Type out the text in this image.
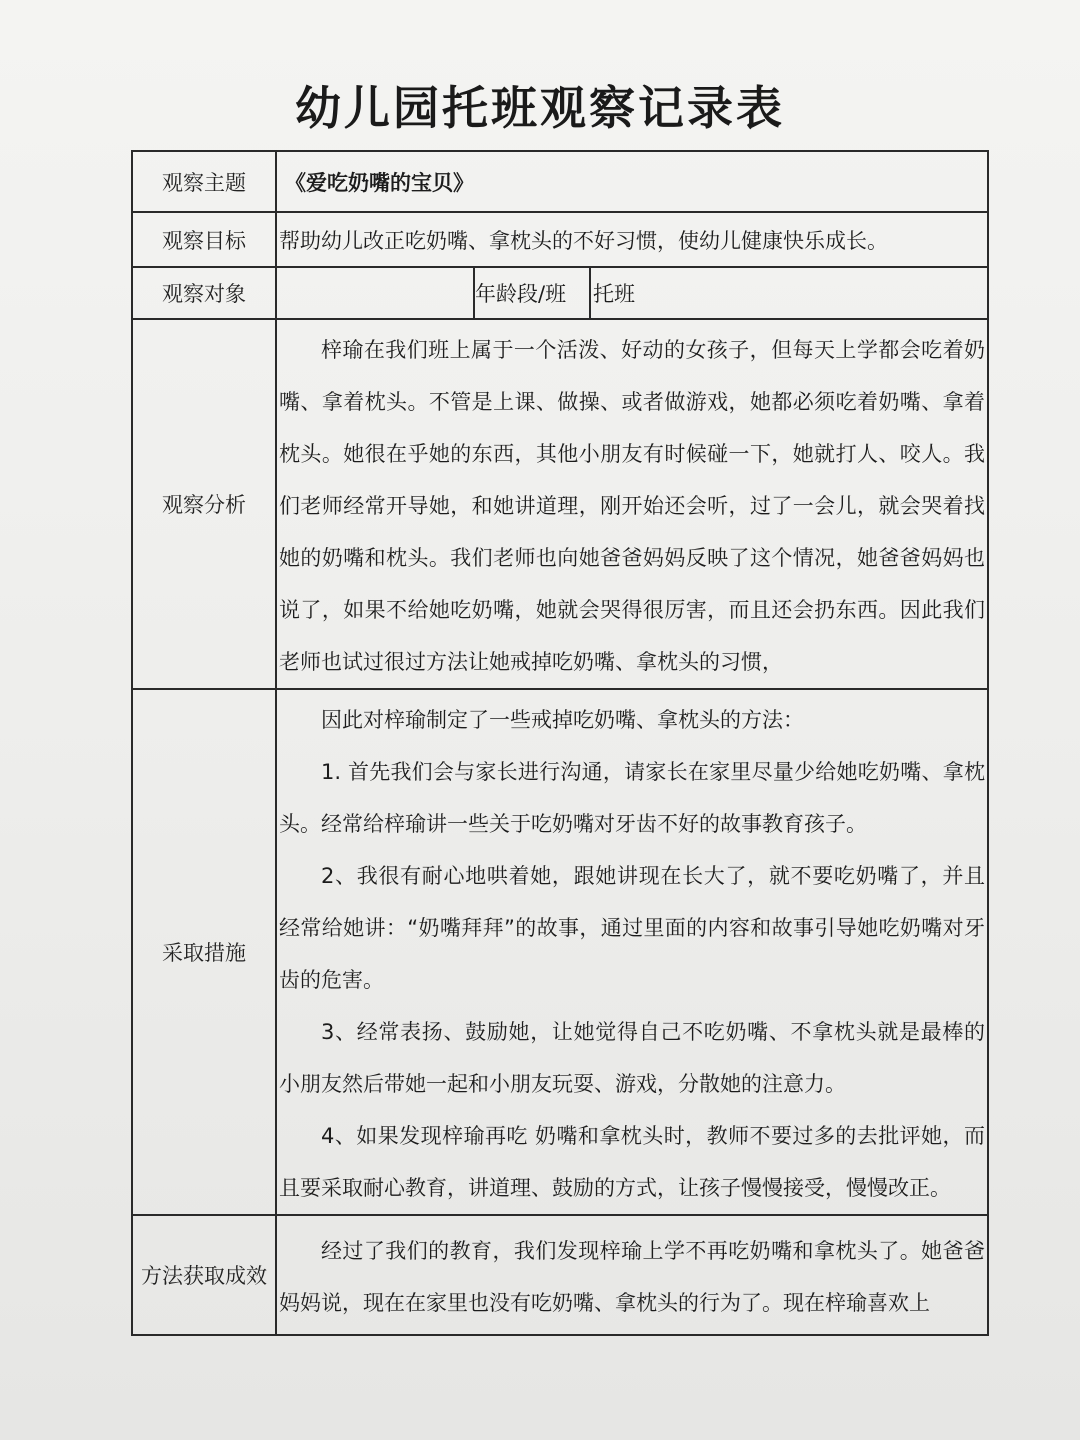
幼儿园托班观察记录表
观察主题	《爱吃奶嘴的宝贝》		
观察目标	帮助幼儿改正吃奶嘴、拿枕头的不好习惯，使幼儿健康快乐成长。		
观察对象		年龄段/班	托班
观察分析	梓瑜在我们班上属于一个活泼、好动的女孩子，但每天上学都会吃着奶嘴、拿着枕头。不管是上课、做操、或者做游戏，她都必须吃着奶嘴、拿着枕头。她很在乎她的东西，其他小朋友有时候碰一下，她就打人、咬人。我们老师经常开导她，和她讲道理，刚开始还会听，过了一会儿，就会哭着找她的奶嘴和枕头。我们老师也向她爸爸妈妈反映了这个情况，她爸爸妈妈也说了，如果不给她吃奶嘴，她就会哭得很厉害，而且还会扔东西。因此我们老师也试过很过方法让她戒掉吃奶嘴、拿枕头的习惯，		

采取措施	因此对梓瑜制定了一些戒掉吃奶嘴、拿枕头的方法：

1. 首先我们会与家长进行沟通，请家长在家里尽量少给她吃奶嘴、拿枕头。经常给梓瑜讲一些关于吃奶嘴对牙齿不好的故事教育孩子。

2、我很有耐心地哄着她，跟她讲现在长大了，就不要吃奶嘴了，并且经常给她讲：“奶嘴拜拜”的故事，通过里面的内容和故事引导她吃奶嘴对牙齿的危害。

3、经常表扬、鼓励她，让她觉得自己不吃奶嘴、不拿枕头就是最棒的小朋友然后带她一起和小朋友玩耍、游戏，分散她的注意力。

4、如果发现梓瑜再吃 奶嘴和拿枕头时，教师不要过多的去批评她，而且要采取耐心教育，讲道理、鼓励的方式，让孩子慢慢接受，慢慢改正。		

方法获取成效	经过了我们的教育，我们发现梓瑜上学不再吃奶嘴和拿枕头了。她爸爸妈妈说，现在在家里也没有吃奶嘴、拿枕头的行为了。现在梓瑜喜欢上		
